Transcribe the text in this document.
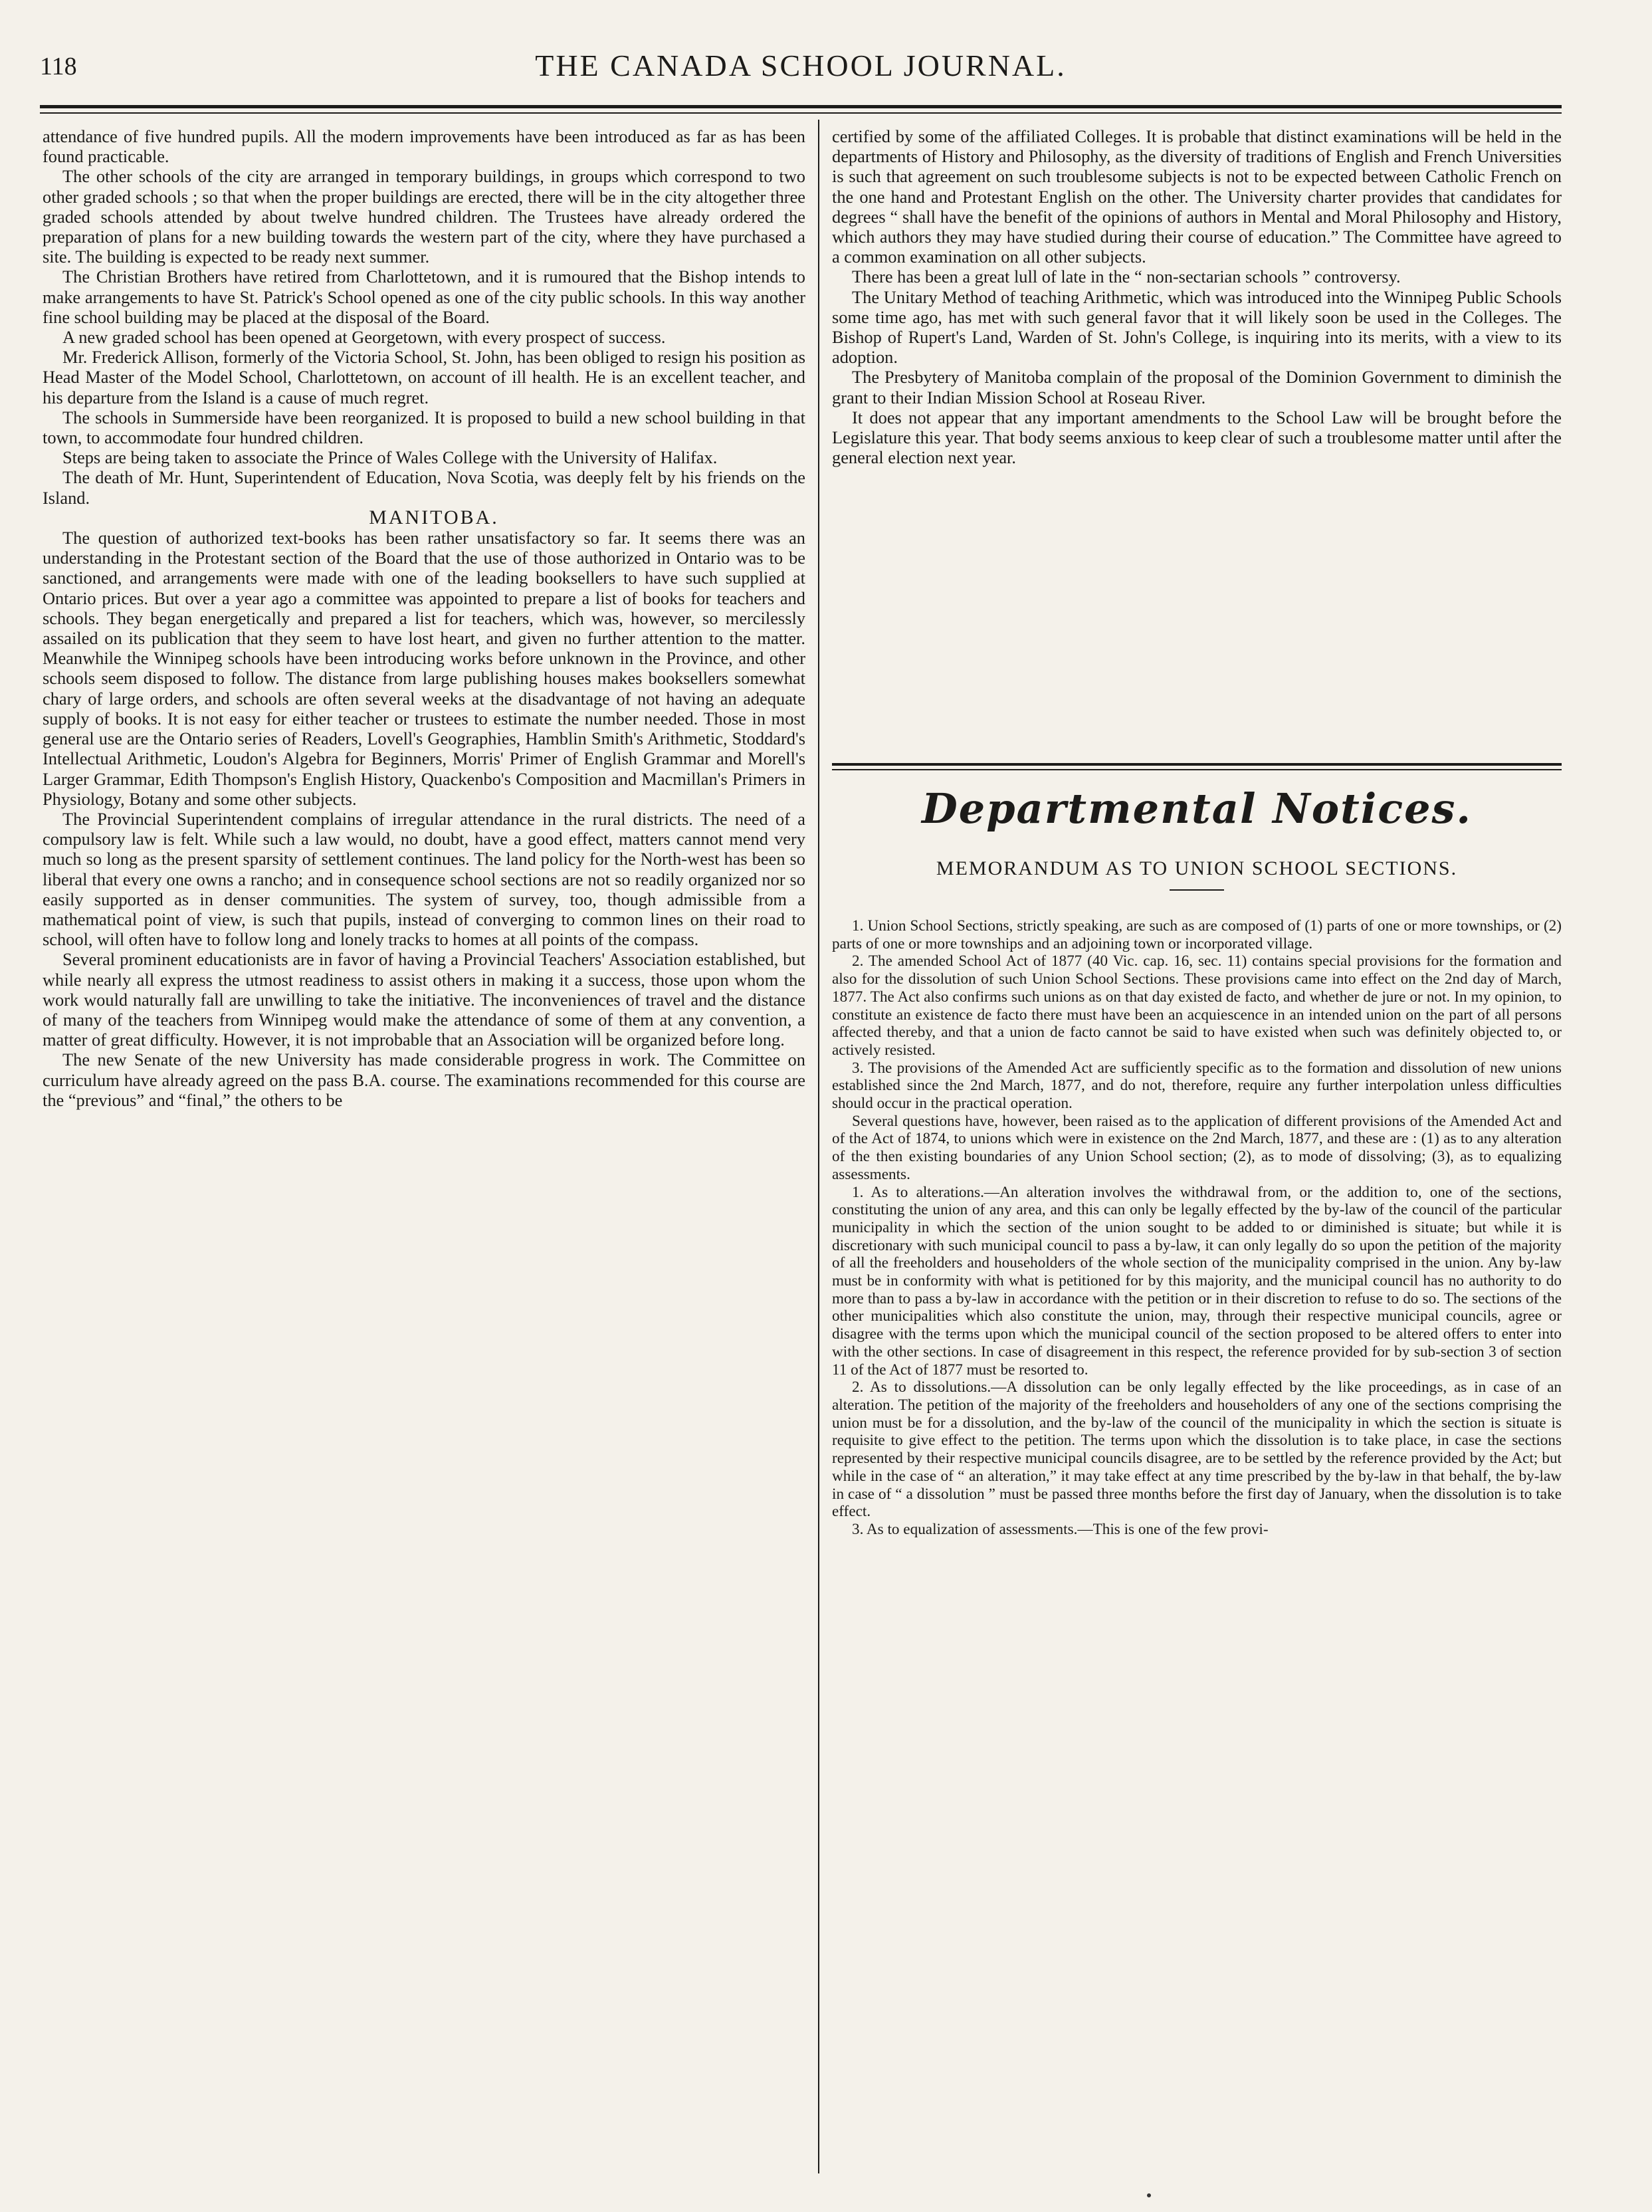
118	THE CANADA SCHOOL JOURNAL.

attendance of five hundred pupils. All the modern improvements have been introduced as far as has been found practicable.

The other schools of the city are arranged in temporary buildings, in groups which correspond to two other graded schools ; so that when the proper buildings are erected, there will be in the city altogether three graded schools attended by about twelve hundred children. The Trustees have already ordered the preparation of plans for a new building towards the western part of the city, where they have purchased a site. The building is expected to be ready next summer.

The Christian Brothers have retired from Charlottetown, and it is rumoured that the Bishop intends to make arrangements to have St. Patrick's School opened as one of the city public schools. In this way another fine school building may be placed at the disposal of the Board.

A new graded school has been opened at Georgetown, with every prospect of success.

Mr. Frederick Allison, formerly of the Victoria School, St. John, has been obliged to resign his position as Head Master of the Model School, Charlottetown, on account of ill health. He is an excellent teacher, and his departure from the Island is a cause of much regret.

The schools in Summerside have been reorganized. It is proposed to build a new school building in that town, to accommodate four hundred children.

Steps are being taken to associate the Prince of Wales College with the University of Halifax.

The death of Mr. Hunt, Superintendent of Education, Nova Scotia, was deeply felt by his friends on the Island.

MANITOBA.

The question of authorized text-books has been rather unsatisfactory so far. It seems there was an understanding in the Protestant section of the Board that the use of those authorized in Ontario was to be sanctioned, and arrangements were made with one of the leading booksellers to have such supplied at Ontario prices. But over a year ago a committee was appointed to prepare a list of books for teachers and schools. They began energetically and prepared a list for teachers, which was, however, so mercilessly assailed on its publication that they seem to have lost heart, and given no further attention to the matter. Meanwhile the Winnipeg schools have been introducing works before unknown in the Province, and other schools seem disposed to follow. The distance from large publishing houses makes booksellers somewhat chary of large orders, and schools are often several weeks at the disadvantage of not having an adequate supply of books. It is not easy for either teacher or trustees to estimate the number needed. Those in most general use are the Ontario series of Readers, Lovell's Geographies, Hamblin Smith's Arithmetic, Stoddard's Intellectual Arithmetic, Loudon's Algebra for Beginners, Morris' Primer of English Grammar and Morell's Larger Grammar, Edith Thompson's English History, Quackenbo's Composition and Macmillan's Primers in Physiology, Botany and some other subjects.

The Provincial Superintendent complains of irregular attendance in the rural districts. The need of a compulsory law is felt. While such a law would, no doubt, have a good effect, matters cannot mend very much so long as the present sparsity of settlement continues. The land policy for the North-west has been so liberal that every one owns a rancho; and in consequence school sections are not so readily organized nor so easily supported as in denser communities. The system of survey, too, though admissible from a mathematical point of view, is such that pupils, instead of converging to common lines on their road to school, will often have to follow long and lonely tracks to homes at all points of the compass.

Several prominent educationists are in favor of having a Provincial Teachers' Association established, but while nearly all express the utmost readiness to assist others in making it a success, those upon whom the work would naturally fall are unwilling to take the initiative. The inconveniences of travel and the distance of many of the teachers from Winnipeg would make the attendance of some of them at any convention, a matter of great difficulty. However, it is not improbable that an Association will be organized before long.

The new Senate of the new University has made considerable progress in work. The Committee on curriculum have already agreed on the pass B.A. course. The examinations recommended for this course are the “previous” and “final,” the others to be

certified by some of the affiliated Colleges. It is probable that distinct examinations will be held in the departments of History and Philosophy, as the diversity of traditions of English and French Universities is such that agreement on such troublesome subjects is not to be expected between Catholic French on the one hand and Protestant English on the other. The University charter provides that candidates for degrees “ shall have the benefit of the opinions of authors in Mental and Moral Philosophy and History, which authors they may have studied during their course of education.” The Committee have agreed to a common examination on all other subjects.

There has been a great lull of late in the “ non-sectarian schools ” controversy.

The Unitary Method of teaching Arithmetic, which was introduced into the Winnipeg Public Schools some time ago, has met with such general favor that it will likely soon be used in the Colleges. The Bishop of Rupert's Land, Warden of St. John's College, is inquiring into its merits, with a view to its adoption.

The Presbytery of Manitoba complain of the proposal of the Dominion Government to diminish the grant to their Indian Mission School at Roseau River.

It does not appear that any important amendments to the School Law will be brought before the Legislature this year. That body seems anxious to keep clear of such a troublesome matter until after the general election next year.

Departmental Notices.
MEMORANDUM AS TO UNION SCHOOL SECTIONS.

1. Union School Sections, strictly speaking, are such as are composed of (1) parts of one or more townships, or (2) parts of one or more townships and an adjoining town or incorporated village.

2. The amended School Act of 1877 (40 Vic. cap. 16, sec. 11) contains special provisions for the formation and also for the dissolution of such Union School Sections. These provisions came into effect on the 2nd day of March, 1877. The Act also confirms such unions as on that day existed de facto, and whether de jure or not. In my opinion, to constitute an existence de facto there must have been an acquiescence in an intended union on the part of all persons affected thereby, and that a union de facto cannot be said to have existed when such was definitely objected to, or actively resisted.

3. The provisions of the Amended Act are sufficiently specific as to the formation and dissolution of new unions established since the 2nd March, 1877, and do not, therefore, require any further interpolation unless difficulties should occur in the practical operation.

Several questions have, however, been raised as to the application of different provisions of the Amended Act and of the Act of 1874, to unions which were in existence on the 2nd March, 1877, and these are : (1) as to any alteration of the then existing boundaries of any Union School section; (2), as to mode of dissolving; (3), as to equalizing assessments.

1. As to alterations.—An alteration involves the withdrawal from, or the addition to, one of the sections, constituting the union of any area, and this can only be legally effected by the by-law of the council of the particular municipality in which the section of the union sought to be added to or diminished is situate; but while it is discretionary with such municipal council to pass a by-law, it can only legally do so upon the petition of the majority of all the freeholders and householders of the whole section of the municipality comprised in the union. Any by-law must be in conformity with what is petitioned for by this majority, and the municipal council has no authority to do more than to pass a by-law in accordance with the petition or in their discretion to refuse to do so. The sections of the other municipalities which also constitute the union, may, through their respective municipal councils, agree or disagree with the terms upon which the municipal council of the section proposed to be altered offers to enter into with the other sections. In case of disagreement in this respect, the reference provided for by sub-section 3 of section 11 of the Act of 1877 must be resorted to.

2. As to dissolutions.—A dissolution can be only legally effected by the like proceedings, as in case of an alteration. The petition of the majority of the freeholders and householders of any one of the sections comprising the union must be for a dissolution, and the by-law of the council of the municipality in which the section is situate is requisite to give effect to the petition. The terms upon which the dissolution is to take place, in case the sections represented by their respective municipal councils disagree, are to be settled by the reference provided by the Act; but while in the case of “ an alteration,” it may take effect at any time prescribed by the by-law in that behalf, the by-law in case of “ a dissolution ” must be passed three months before the first day of January, when the dissolution is to take effect.

3. As to equalization of assessments.—This is one of the few provi-
